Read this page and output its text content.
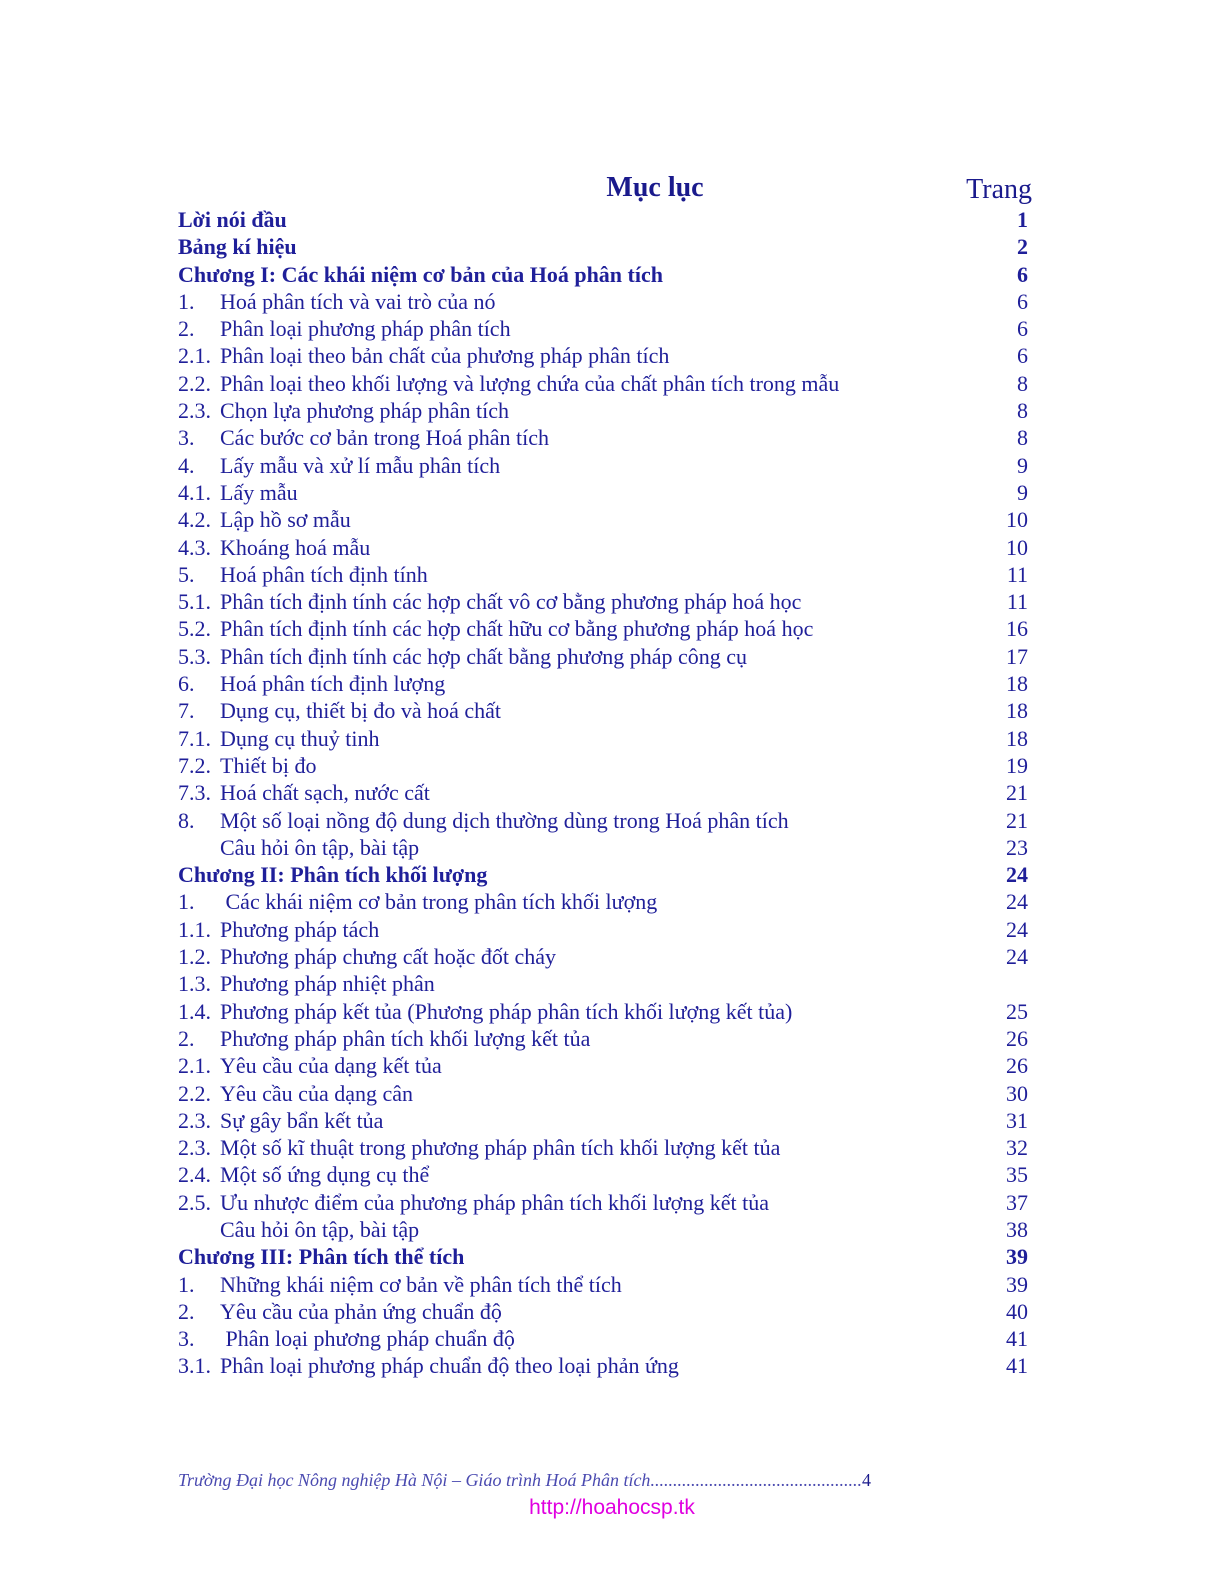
Mục lục	Trang
Lời nói đầu	1
Bảng kí hiệu	2
Chương I: Các khái niệm cơ bản của Hoá phân tích	6
1. Hoá phân tích và vai trò của nó	6
2. Phân loại phương pháp phân tích	6
2.1. Phân loại theo bản chất của phương pháp phân tích	6
2.2. Phân loại theo khối lượng và lượng chứa của chất phân tích trong mẫu	8
2.3. Chọn lựa phương pháp phân tích	8
3. Các bước cơ bản trong Hoá phân tích	8
4. Lấy mẫu và xử lí mẫu phân tích	9
4.1. Lấy mẫu	9
4.2. Lập hồ sơ mẫu	10
4.3. Khoáng hoá mẫu	10
5. Hoá phân tích định tính	11
5.1. Phân tích định tính các hợp chất vô cơ bằng phương pháp hoá học	11
5.2. Phân tích định tính các hợp chất hữu cơ bằng phương pháp hoá học	16
5.3. Phân tích định tính các hợp chất bằng phương pháp công cụ	17
6. Hoá phân tích định lượng	18
7. Dụng cụ, thiết bị đo và hoá chất	18
7.1. Dụng cụ thuỷ tinh	18
7.2. Thiết bị đo	19
7.3. Hoá chất sạch, nước cất	21
8. Một số loại nồng độ dung dịch thường dùng trong Hoá phân tích	21
Câu hỏi ôn tập, bài tập	23
Chương II: Phân tích khối lượng	24
1. Các khái niệm cơ bản trong phân tích khối lượng	24
1.1. Phương pháp tách	24
1.2. Phương pháp chưng cất hoặc đốt cháy	24
1.3. Phương pháp nhiệt phân
1.4. Phương pháp kết tủa (Phương pháp phân tích khối lượng kết tủa)	25
2. Phương pháp phân tích khối lượng kết tủa	26
2.1. Yêu cầu của dạng kết tủa	26
2.2. Yêu cầu của dạng cân	30
2.3. Sự gây bẩn kết tủa	31
2.3. Một số kĩ thuật trong phương pháp phân tích khối lượng kết tủa	32
2.4. Một số ứng dụng cụ thể	35
2.5. Ưu nhược điểm của phương pháp phân tích khối lượng kết tủa	37
Câu hỏi ôn tập, bài tập	38
Chương III: Phân tích thể tích	39
1. Những khái niệm cơ bản về phân tích thể tích	39
2. Yêu cầu của phản ứng chuẩn độ	40
3. Phân loại phương pháp chuẩn độ	41
3.1. Phân loại phương pháp chuẩn độ theo loại phản ứng	41
Trường Đại học Nông nghiệp Hà Nội – Giáo trình Hoá Phân tích...............................................4
http://hoahocsp.tk
